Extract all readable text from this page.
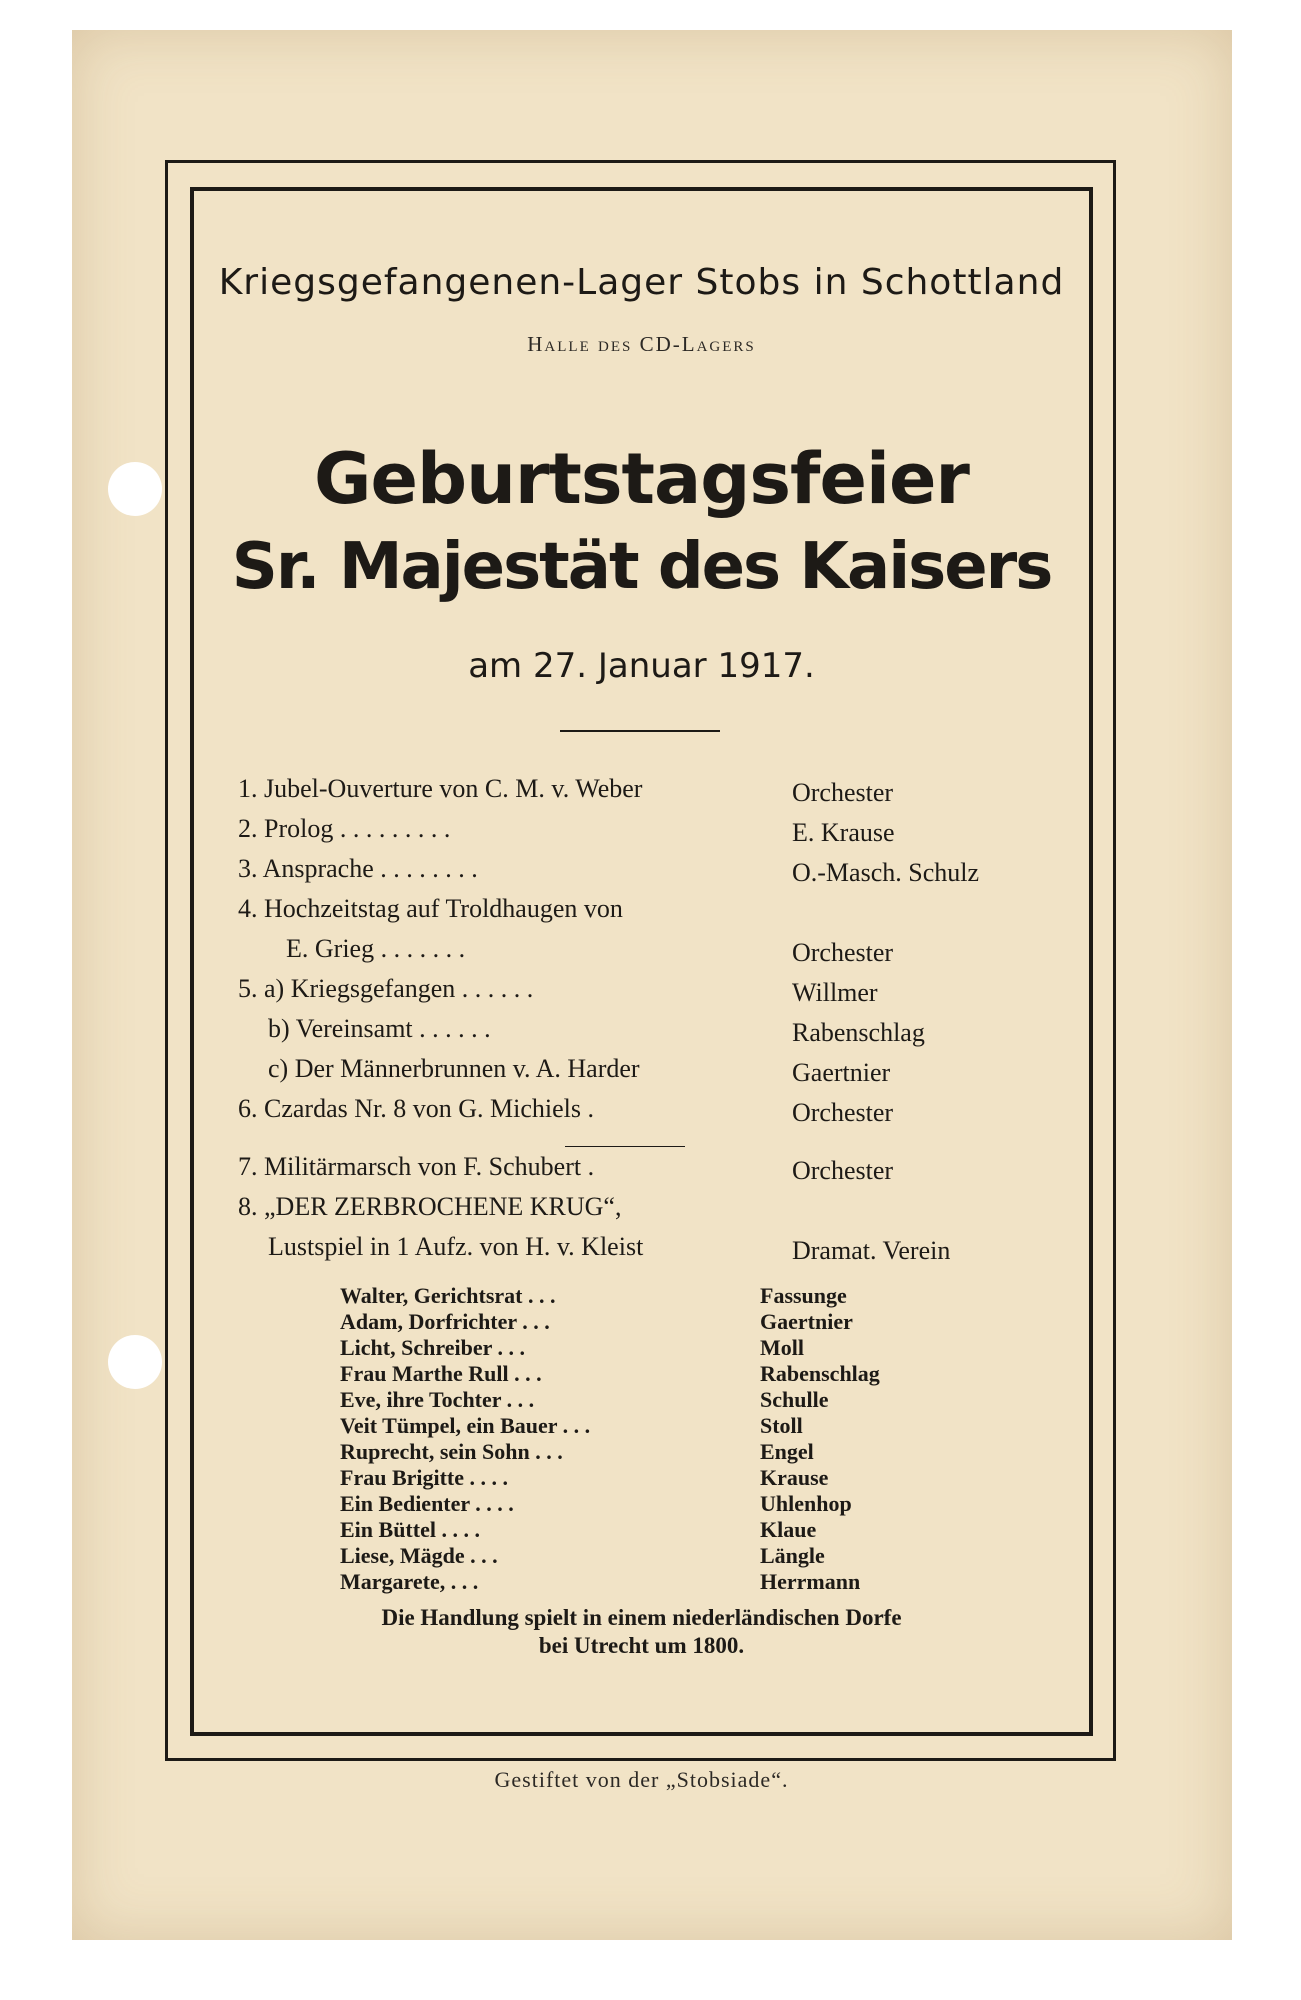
Kriegsgefangenen-Lager Stobs in Schottland
Halle des CD-Lagers
Geburtstagsfeier
Sr. Majestät des Kaisers
am 27. Januar 1917.
1. Jubel-Ouverture von C. M. v. Weber	Orchester
2. Prolog . . . . . . . . .	E. Krause
3. Ansprache . . . . . . . .	O.-Masch. Schulz
4. Hochzeitstag auf Troldhaugen von
E. Grieg . . . . . . .	Orchester
5. a) Kriegsgefangen . . . . . .	Willmer
b) Vereinsamt . . . . . .	Rabenschlag
c) Der Männerbrunnen v. A. Harder	Gaertnier
6. Czardas Nr. 8 von G. Michiels .	Orchester
7. Militärmarsch von F. Schubert .	Orchester
8. „DER ZERBROCHENE KRUG“,
Lustspiel in 1 Aufz. von H. v. Kleist	Dramat. Verein
Walter, Gerichtsrat . . .	Fassunge
Adam, Dorfrichter . . .	Gaertnier
Licht, Schreiber . . .	Moll
Frau Marthe Rull . . .	Rabenschlag
Eve, ihre Tochter . . .	Schulle
Veit Tümpel, ein Bauer . . .	Stoll
Ruprecht, sein Sohn . . .	Engel
Frau Brigitte . . . .	Krause
Ein Bedienter . . . .	Uhlenhop
Ein Büttel . . . .	Klaue
Liese, Mägde . . .	Längle
Margarete, . . .	Herrmann
Die Handlung spielt in einem niederländischen Dorfe
bei Utrecht um 1800.
Gestiftet von der „Stobsiade“.
